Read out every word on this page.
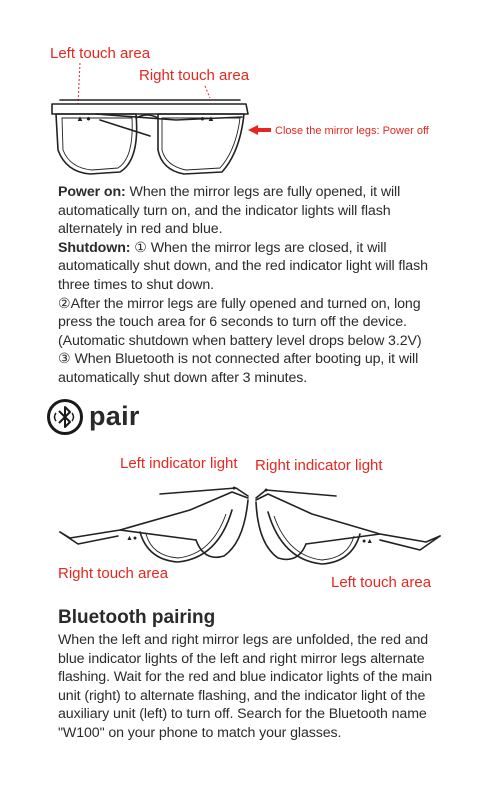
Left touch area
Right touch area
▲ ●	● ▲
Close the mirror legs: Power off

Power on: When the mirror legs are fully opened, it will automatically turn on, and the indicator lights will flash alternately in red and blue.

Shutdown: ① When the mirror legs are closed, it will automatically shut down, and the red indicator light will flash three times to shut down.

②After the mirror legs are fully opened and turned on, long press the touch area for 6 seconds to turn off the device.

(Automatic shutdown when battery level drops below 3.2V)

③ When Bluetooth is not connected after booting up, it will automatically shut down after 3 minutes.

pair
Left indicator light Right indicator light
▲●
●
●▲
●
Right touch area
Left touch area
Bluetooth pairing
When the left and right mirror legs are unfolded, the red and blue indicator lights of the left and right mirror legs alternate flashing. Wait for the red and blue indicator lights of the main unit (right) to alternate flashing, and the indicator light of the auxiliary unit (left) to turn off. Search for the Bluetooth name "W100" on your phone to match your glasses.
